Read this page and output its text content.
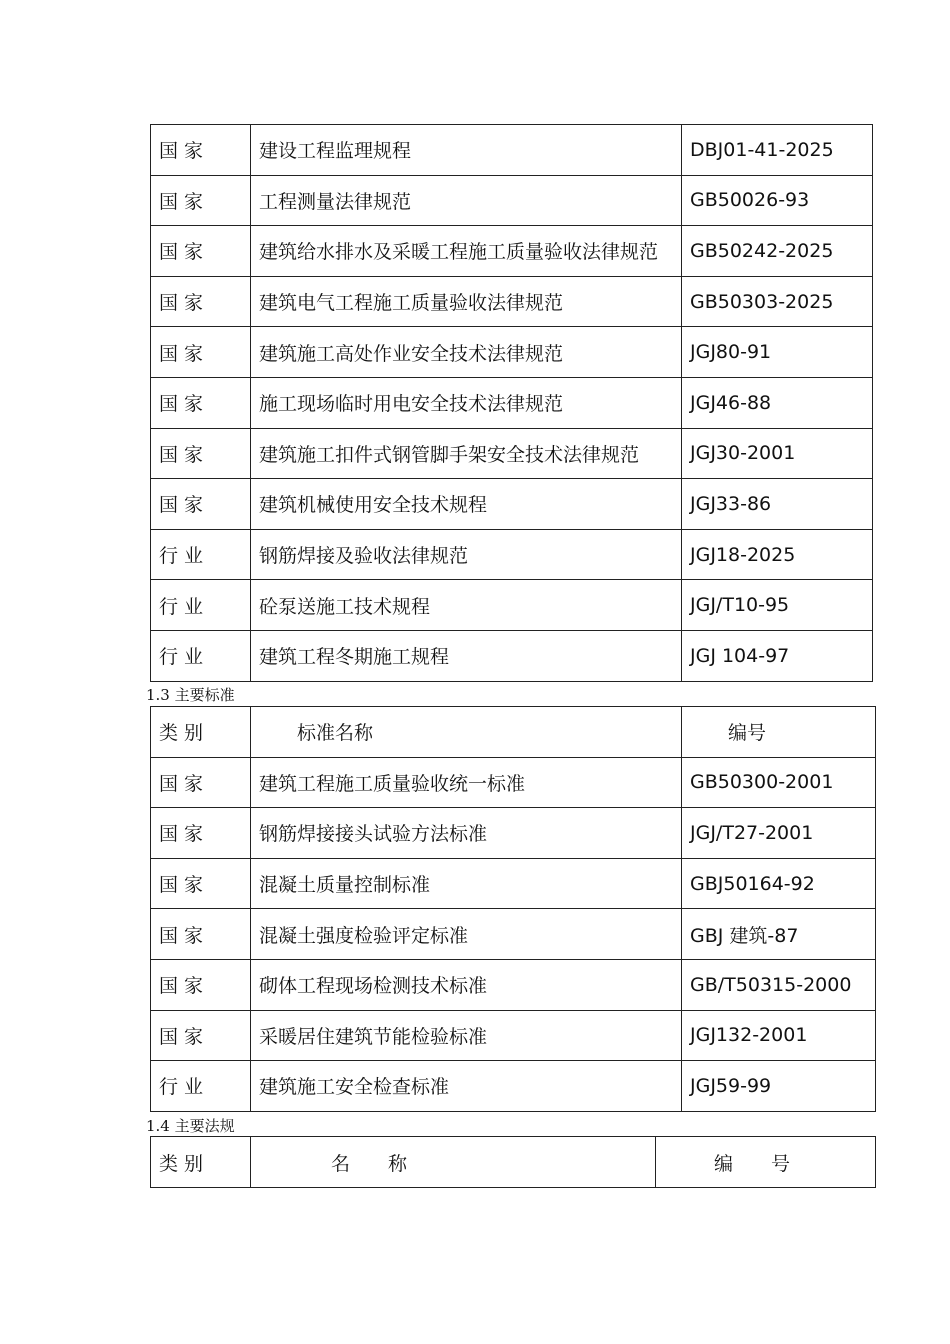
国 家	建设工程监理规程	DBJ01-41-2025
国 家	工程测量法律规范	GB50026-93
国 家	建筑给水排水及采暖工程施工质量验收法律规范	GB50242-2025
国 家	建筑电气工程施工质量验收法律规范	GB50303-2025
国 家	建筑施工高处作业安全技术法律规范	JGJ80-91
国 家	施工现场临时用电安全技术法律规范	JGJ46-88
国 家	建筑施工扣件式钢管脚手架安全技术法律规范	JGJ30-2001
国 家	建筑机械使用安全技术规程	JGJ33-86
行 业	钢筋焊接及验收法律规范	JGJ18-2025
行 业	砼泵送施工技术规程	JGJ/T10-95
行 业	建筑工程冬期施工规程	JGJ 104-97
1.3 主要标准
类 别	标准名称	编号
国 家	建筑工程施工质量验收统一标准	GB50300-2001
国 家	钢筋焊接接头试验方法标准	JGJ/T27-2001
国 家	混凝土质量控制标准	GBJ50164-92
国 家	混凝土强度检验评定标准	GBJ 建筑-87
国 家	砌体工程现场检测技术标准	GB/T50315-2000
国 家	采暖居住建筑节能检验标准	JGJ132-2001
行 业	建筑施工安全检查标准	JGJ59-99
1.4 主要法规
类 别	名　　称	编　　号
